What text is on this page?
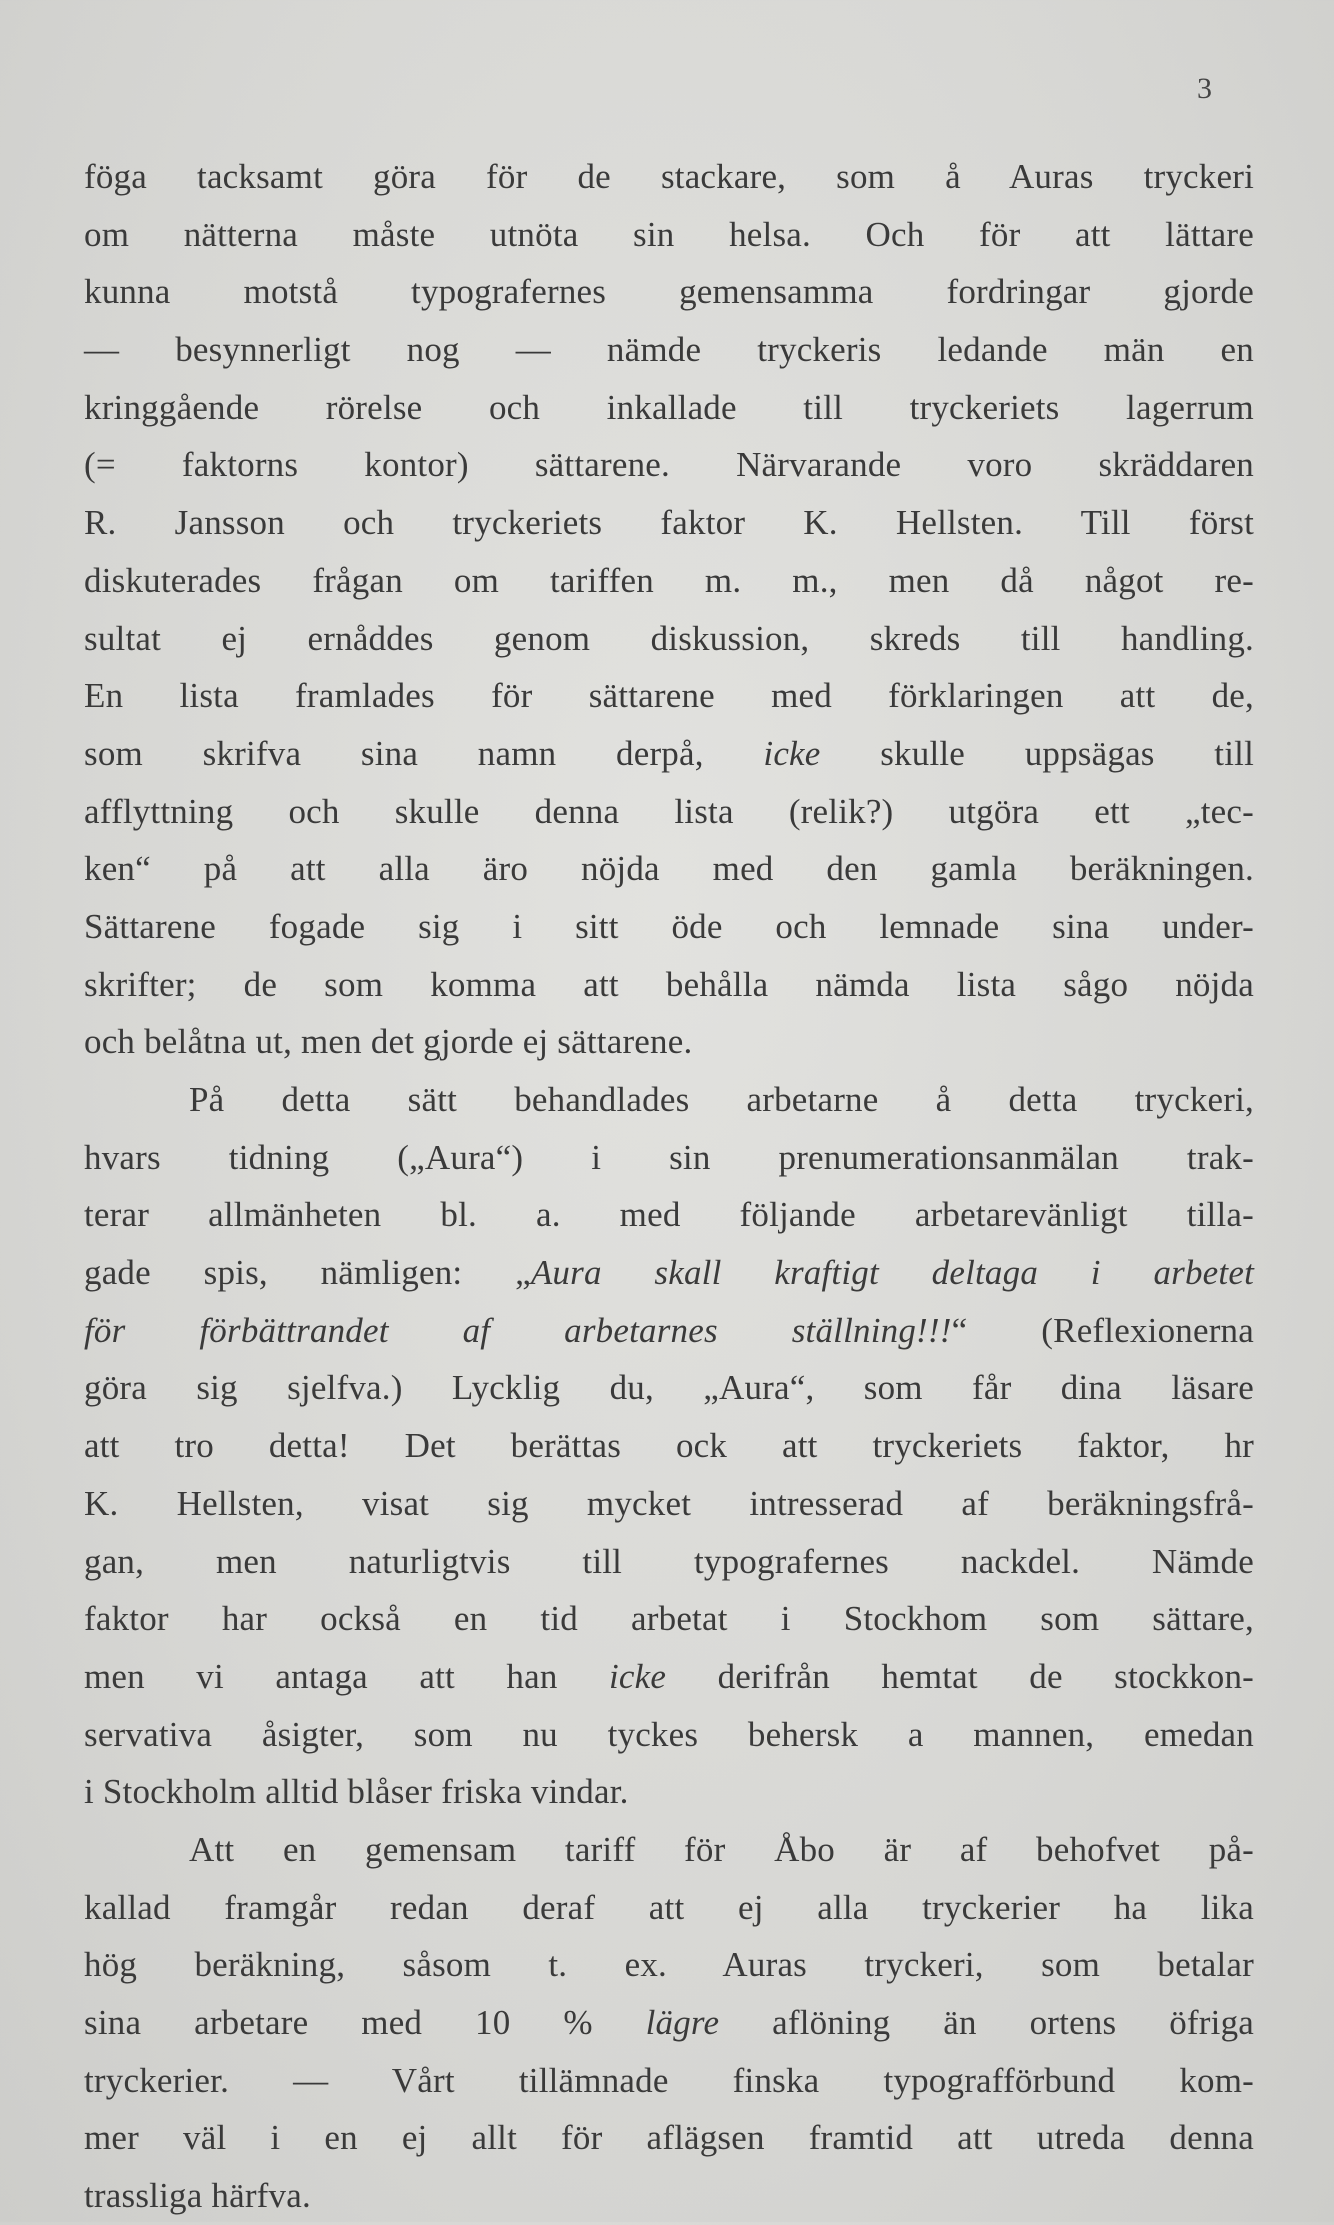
3
föga tacksamt göra för de stackare, som å Auras tryckeri
om nätterna måste utnöta sin helsa. Och för att lättare
kunna motstå typografernes gemensamma fordringar gjorde
— besynnerligt nog — nämde tryckeris ledande män en
kringgående rörelse och inkallade till tryckeriets lagerrum
(= faktorns kontor) sättarene. Närvarande voro skräddaren
R. Jansson och tryckeriets faktor K. Hellsten. Till först
diskuterades frågan om tariffen m. m., men då något re-
sultat ej ernåddes genom diskussion, skreds till handling.
En lista framlades för sättarene med förklaringen att de,
som skrifva sina namn derpå, icke skulle uppsägas till
afflyttning och skulle denna lista (relik?) utgöra ett „tec-
ken“ på att alla äro nöjda med den gamla beräkningen.
Sättarene fogade sig i sitt öde och lemnade sina under-
skrifter; de som komma att behålla nämda lista sågo nöjda
och belåtna ut, men det gjorde ej sättarene.
På detta sätt behandlades arbetarne å detta tryckeri,
hvars tidning („Aura“) i sin prenumerationsanmälan trak-
terar allmänheten bl. a. med följande arbetarevänligt tilla-
gade spis, nämligen: „Aura skall kraftigt deltaga i arbetet
för förbättrandet af arbetarnes ställning!!!“ (Reflexionerna
göra sig sjelfva.) Lycklig du, „Aura“, som får dina läsare
att tro detta! Det berättas ock att tryckeriets faktor, hr
K. Hellsten, visat sig mycket intresserad af beräkningsfrå-
gan, men naturligtvis till typografernes nackdel. Nämde
faktor har också en tid arbetat i Stockhom som sättare,
men vi antaga att han icke derifrån hemtat de stockkon-
servativa åsigter, som nu tyckes behersk a mannen, emedan
i Stockholm alltid blåser friska vindar.
Att en gemensam tariff för Åbo är af behofvet på-
kallad framgår redan deraf att ej alla tryckerier ha lika
hög beräkning, såsom t. ex. Auras tryckeri, som betalar
sina arbetare med 10 % lägre aflöning än ortens öfriga
tryckerier. — Vårt tillämnade finska typografförbund kom-
mer väl i en ej allt för aflägsen framtid att utreda denna
trassliga härfva.
